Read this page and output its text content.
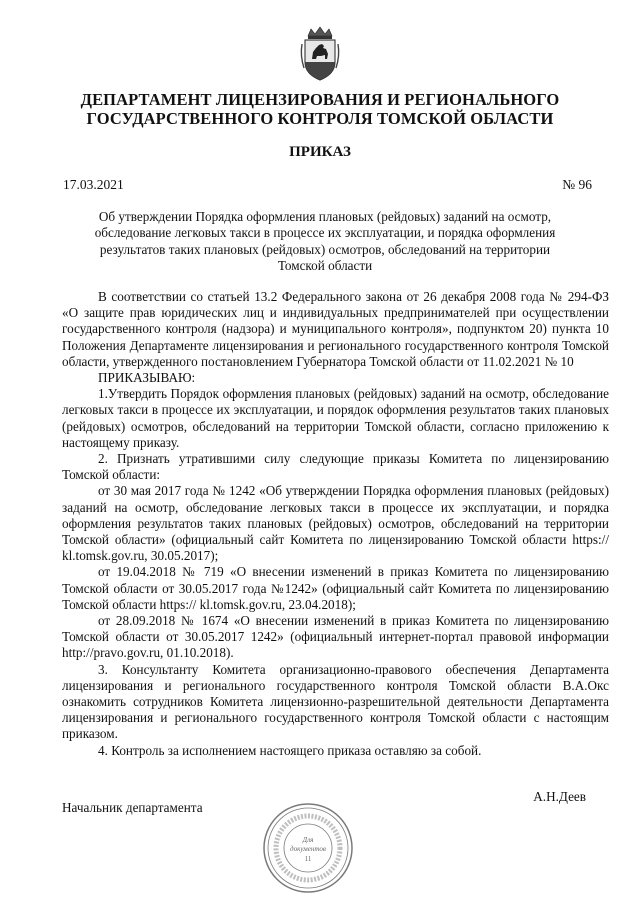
ДЕПАРТАМЕНТ ЛИЦЕНЗИРОВАНИЯ И РЕГИОНАЛЬНОГО ГОСУДАРСТВЕННОГО КОНТРОЛЯ ТОМСКОЙ ОБЛАСТИ
ПРИКАЗ
17.03.2021	№ 96
Об утверждении Порядка оформления плановых (рейдовых) заданий на осмотр, обследование легковых такси в процессе их эксплуатации, и порядка оформления результатов таких плановых (рейдовых) осмотров, обследований на территории Томской области

В соответствии со статьей 13.2 Федерального закона от 26 декабря 2008 года № 294-ФЗ «О защите прав юридических лиц и индивидуальных предпринимателей при осуществлении государственного контроля (надзора) и муниципального контроля», подпунктом 20) пункта 10 Положения Департаменте лицензирования и регионального государственного контроля Томской области, утвержденного постановлением Губернатора Томской области от 11.02.2021 № 10

ПРИКАЗЫВАЮ:

1.Утвердить Порядок оформления плановых (рейдовых) заданий на осмотр, обследование легковых такси в процессе их эксплуатации, и порядок оформления результатов таких плановых (рейдовых) осмотров, обследований на территории Томской области, согласно приложению к настоящему приказу.

2. Признать утратившими силу следующие приказы Комитета по лицензированию Томской области:

от 30 мая 2017 года № 1242 «Об утверждении Порядка оформления плановых (рейдовых) заданий на осмотр, обследование легковых такси в процессе их эксплуатации, и порядка оформления результатов таких плановых (рейдовых) осмотров, обследований на территории Томской области» (официальный сайт Комитета по лицензированию Томской области https:// kl.tomsk.gov.ru, 30.05.2017);

от 19.04.2018 № 719 «О внесении изменений в приказ Комитета по лицензированию Томской области от 30.05.2017 года №1242» (официальный сайт Комитета по лицензированию Томской области https:// kl.tomsk.gov.ru, 23.04.2018);

от 28.09.2018 № 1674 «О внесении изменений в приказ Комитета по лицензированию Томской области от 30.05.2017 1242» (официальный интернет-портал правовой информации http://pravo.gov.ru, 01.10.2018).

3. Консультанту Комитета организационно-правового обеспечения Департамента лицензирования и регионального государственного контроля Томской области В.А.Окс ознакомить сотрудников Комитета лицензионно-разрешительной деятельности Департамента лицензирования и регионального государственного контроля Томской области с настоящим приказом.

4. Контроль за исполнением настоящего приказа оставляю за собой.

А.Н.Деев
Начальник департамента
Для
документов
11
